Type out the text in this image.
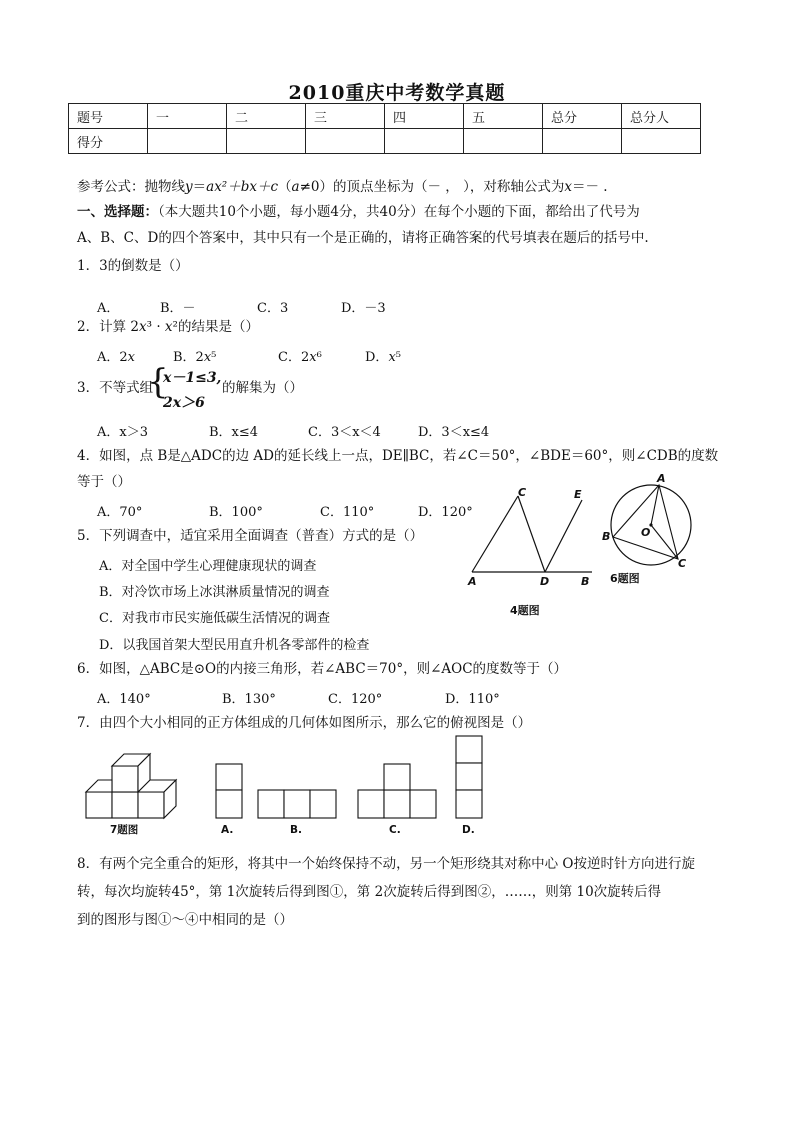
2010重庆中考数学真题
题号	一	二	三	四	五	总分	总分人
得分							
参考公式：抛物线y＝ax²＋bx＋c（a≠0）的顶点坐标为（－ ， ），对称轴公式为x＝－ .
一、选择题：（本大题共10个小题，每小题4分，共40分）在每个小题的下面，都给出了代号为
A、B、C、D的四个答案中，其中只有一个是正确的，请将正确答案的代号填表在题后的括号中.
1．3的倒数是（）
A．	B．－	C．3	D．－3
2．计算 2x³ · x²的结果是（）
A．2x	B．2x⁵	C．2x⁶	D．x⁵
3．不等式组
{
x－1≤3,
2x＞6
的解集为（）
A．x＞3	B．x≤4	C．3＜x＜4	D．3＜x≤4
4．如图，点 B是△ADC的边 AD的延长线上一点，DE∥BC，若∠C＝50°，∠BDE＝60°，则∠CDB的度数
等于（）
A．70°	B．100°	C．110°	D．120°
5．下列调查中，适宜采用全面调查（普查）方式的是（）
A．对全国中学生心理健康现状的调查
B．对冷饮市场上冰淇淋质量情况的调查
C．对我市市民实施低碳生活情况的调查
D．以我国首架大型民用直升机各零部件的检查
6．如图，△ABC是⊙O的内接三角形，若∠ABC＝70°，则∠AOC的度数等于（）
A．140°	B．130°	C．120°	D．110°
7．由四个大小相同的正方体组成的几何体如图所示，那么它的俯视图是（）
8．有两个完全重合的矩形，将其中一个始终保持不动，另一个矩形绕其对称中心 O按逆时针方向进行旋
转，每次均旋转45°，第 1次旋转后得到图①，第 2次旋转后得到图②，……，则第 10次旋转后得
到的图形与图①～④中相同的是（）
A
C	E
D	B
4题图
A
B
C
O
6题图
7题图	A.	B.	C.	D.
